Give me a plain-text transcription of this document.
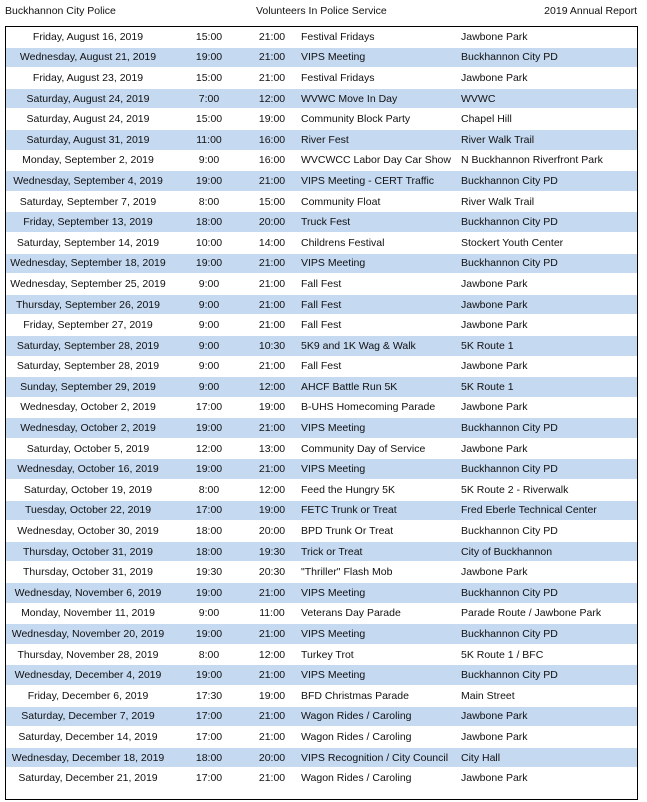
Buckhannon City Police	Volunteers In Police Service	2019 Annual Report
Friday, August 16, 2019	15:00	21:00	Festival Fridays	Jawbone Park
Wednesday, August 21, 2019	19:00	21:00	VIPS Meeting	Buckhannon City PD
Friday, August 23, 2019	15:00	21:00	Festival Fridays	Jawbone Park
Saturday, August 24, 2019	7:00	12:00	WVWC Move In Day	WVWC
Saturday, August 24, 2019	15:00	19:00	Community Block Party	Chapel Hill
Saturday, August 31, 2019	11:00	16:00	River Fest	River Walk Trail
Monday, September 2, 2019	9:00	16:00	WVCWCC Labor Day Car Show	N Buckhannon Riverfront Park
Wednesday, September 4, 2019	19:00	21:00	VIPS Meeting - CERT Traffic	Buckhannon City PD
Saturday, September 7, 2019	8:00	15:00	Community Float	River Walk Trail
Friday, September 13, 2019	18:00	20:00	Truck Fest	Buckhannon City PD
Saturday, September 14, 2019	10:00	14:00	Childrens Festival	Stockert Youth Center
Wednesday, September 18, 2019	19:00	21:00	VIPS Meeting	Buckhannon City PD
Wednesday, September 25, 2019	9:00	21:00	Fall Fest	Jawbone Park
Thursday, September 26, 2019	9:00	21:00	Fall Fest	Jawbone Park
Friday, September 27, 2019	9:00	21:00	Fall Fest	Jawbone Park
Saturday, September 28, 2019	9:00	10:30	5K9 and 1K Wag & Walk	5K Route 1
Saturday, September 28, 2019	9:00	21:00	Fall Fest	Jawbone Park
Sunday, September 29, 2019	9:00	12:00	AHCF Battle Run 5K	5K Route 1
Wednesday, October 2, 2019	17:00	19:00	B-UHS Homecoming Parade	Jawbone Park
Wednesday, October 2, 2019	19:00	21:00	VIPS Meeting	Buckhannon City PD
Saturday, October 5, 2019	12:00	13:00	Community Day of Service	Jawbone Park
Wednesday, October 16, 2019	19:00	21:00	VIPS Meeting	Buckhannon City PD
Saturday, October 19, 2019	8:00	12:00	Feed the Hungry 5K	5K Route 2 - Riverwalk
Tuesday, October 22, 2019	17:00	19:00	FETC Trunk or Treat	Fred Eberle Technical Center
Wednesday, October 30, 2019	18:00	20:00	BPD Trunk Or Treat	Buckhannon City PD
Thursday, October 31, 2019	18:00	19:30	Trick or Treat	City of Buckhannon
Thursday, October 31, 2019	19:30	20:30	"Thriller" Flash Mob	Jawbone Park
Wednesday, November 6, 2019	19:00	21:00	VIPS Meeting	Buckhannon City PD
Monday, November 11, 2019	9:00	11:00	Veterans Day Parade	Parade Route / Jawbone Park
Wednesday, November 20, 2019	19:00	21:00	VIPS Meeting	Buckhannon City PD
Thursday, November 28, 2019	8:00	12:00	Turkey Trot	5K Route 1 / BFC
Wednesday, December 4, 2019	19:00	21:00	VIPS Meeting	Buckhannon City PD
Friday, December 6, 2019	17:30	19:00	BFD Christmas Parade	Main Street
Saturday, December 7, 2019	17:00	21:00	Wagon Rides / Caroling	Jawbone Park
Saturday, December 14, 2019	17:00	21:00	Wagon Rides / Caroling	Jawbone Park
Wednesday, December 18, 2019	18:00	20:00	VIPS Recognition / City Council	City Hall
Saturday, December 21, 2019	17:00	21:00	Wagon Rides / Caroling	Jawbone Park
